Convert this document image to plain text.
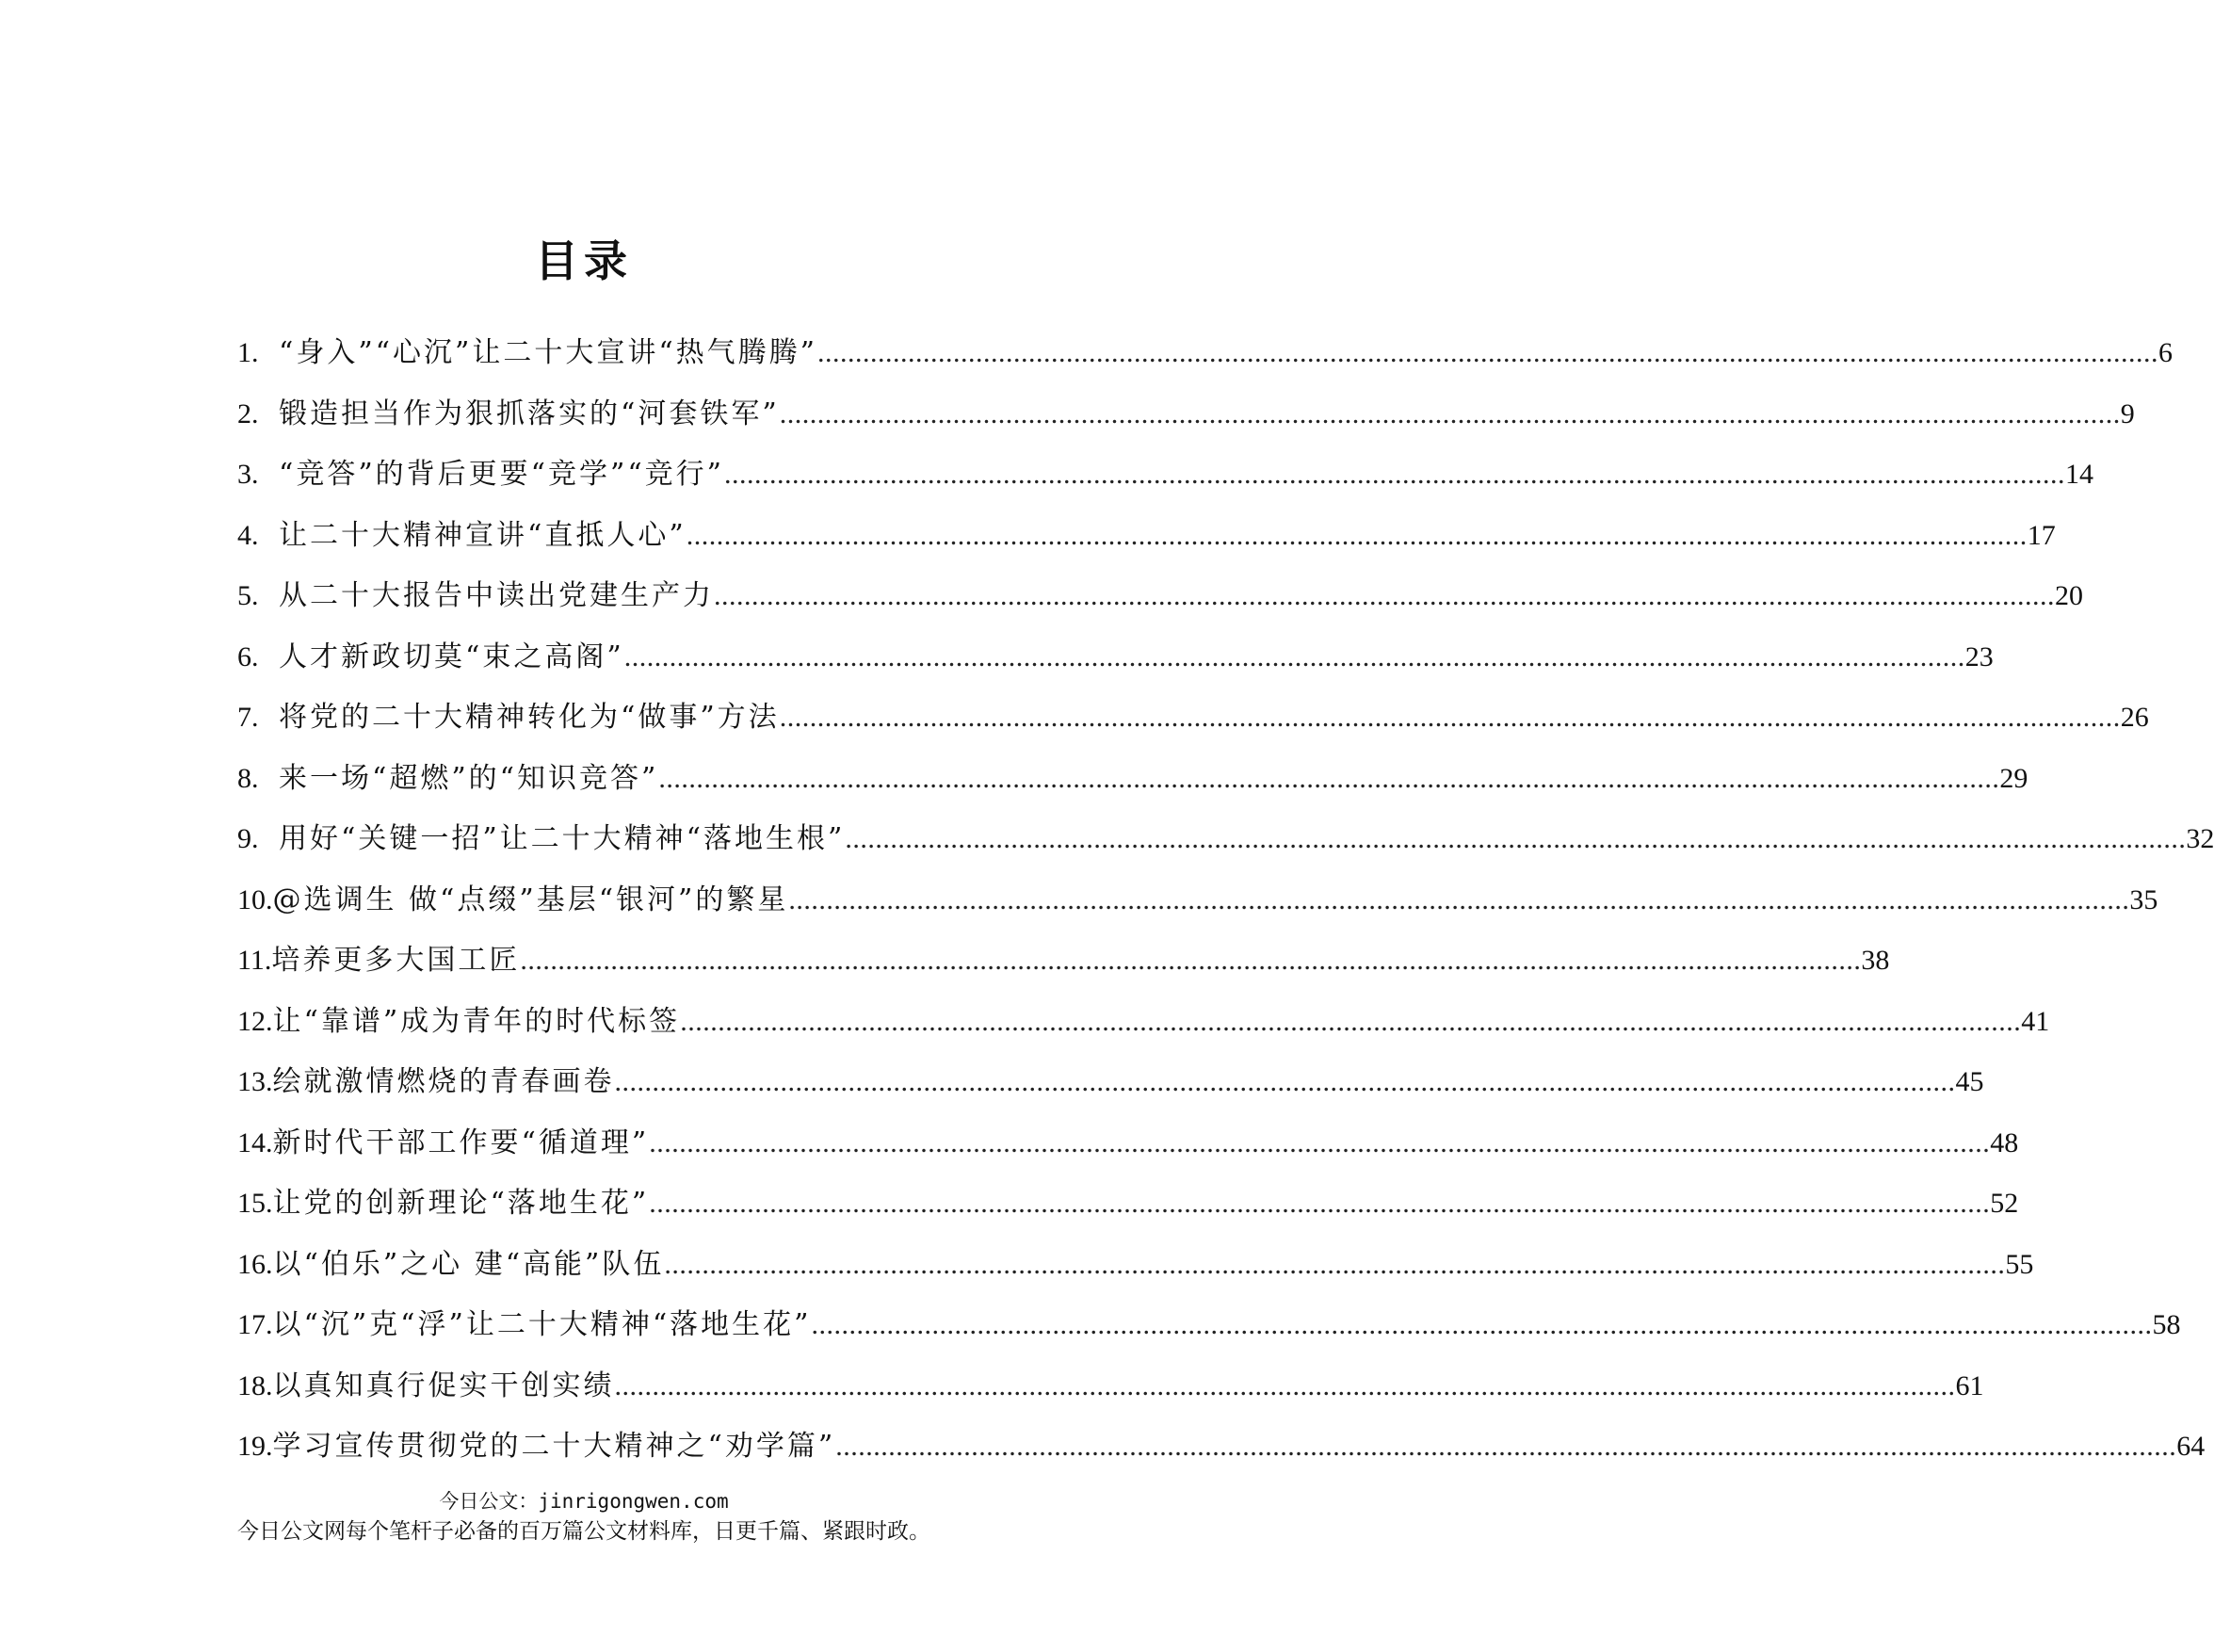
目录
1. “身入”“心沉”让二十大宣讲“热气腾腾” .....	6
2. 锻造担当作为狠抓落实的“河套铁军” .....	9
3. “竞答”的背后更要“竞学”“竞行” .....	14
4. 让二十大精神宣讲“直抵人心” .....	17
5. 从二十大报告中读出党建生产力 .....	20
6. 人才新政切莫“束之高阁” .....	23
7. 将党的二十大精神转化为“做事”方法 .....	26
8. 来一场“超燃”的“知识竞答” .....	29
9. 用好“关键一招”让二十大精神“落地生根” .....	32
10. @选调生 做“点缀”基层“银河”的繁星 .....	35
11. 培养更多大国工匠 .....	38
12. 让“靠谱”成为青年的时代标签 .....	41
13. 绘就激情燃烧的青春画卷 .....	45
14. 新时代干部工作要“循道理” .....	48
15. 让党的创新理论“落地生花” .....	52
16. 以“伯乐”之心 建“高能”队伍 .....	55
17. 以“沉”克“浮”让二十大精神“落地生花” .....	58
18. 以真知真行促实干创实绩 .....	61
19. 学习宣传贯彻党的二十大精神之“劝学篇” .....	64
今日公文：jinrigongwen.com
今日公文网每个笔杆子必备的百万篇公文材料库，日更千篇、紧跟时政。
